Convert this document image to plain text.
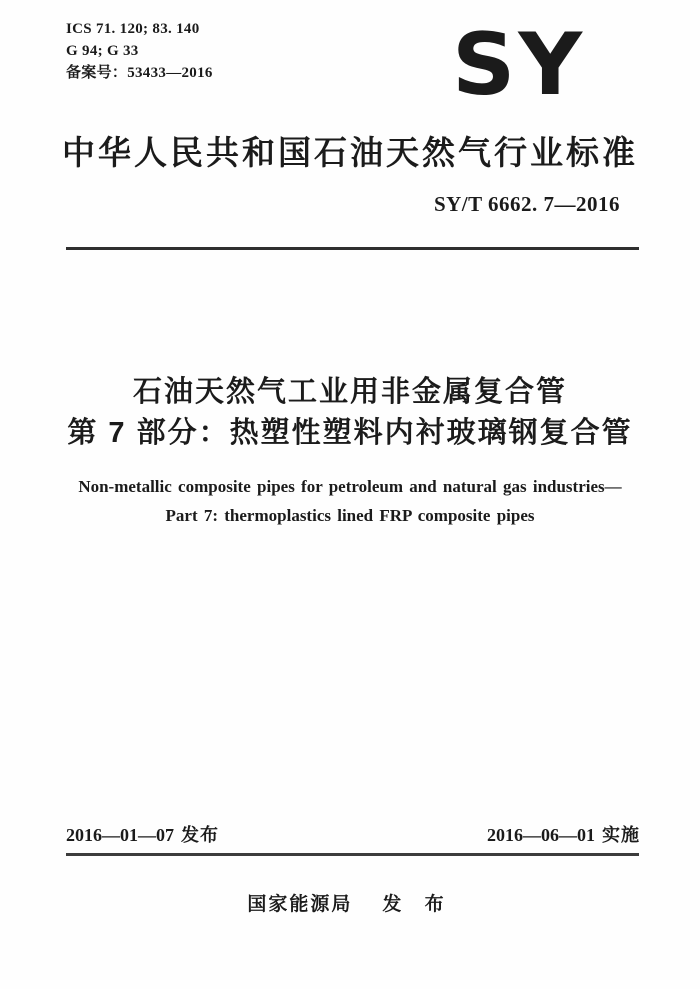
ICS 71. 120; 83. 140
G 94; G 33
备案号：53433—2016	SY
中华人民共和国石油天然气行业标准
SY/T 6662. 7—2016
石油天然气工业用非金属复合管
第 7 部分：热塑性塑料内衬玻璃钢复合管
Non-metallic composite pipes for petroleum and natural gas industries—
Part 7: thermoplastics lined FRP composite pipes
2016—01—07 发布	2016—06—01 实施
国家能源局 发 布
